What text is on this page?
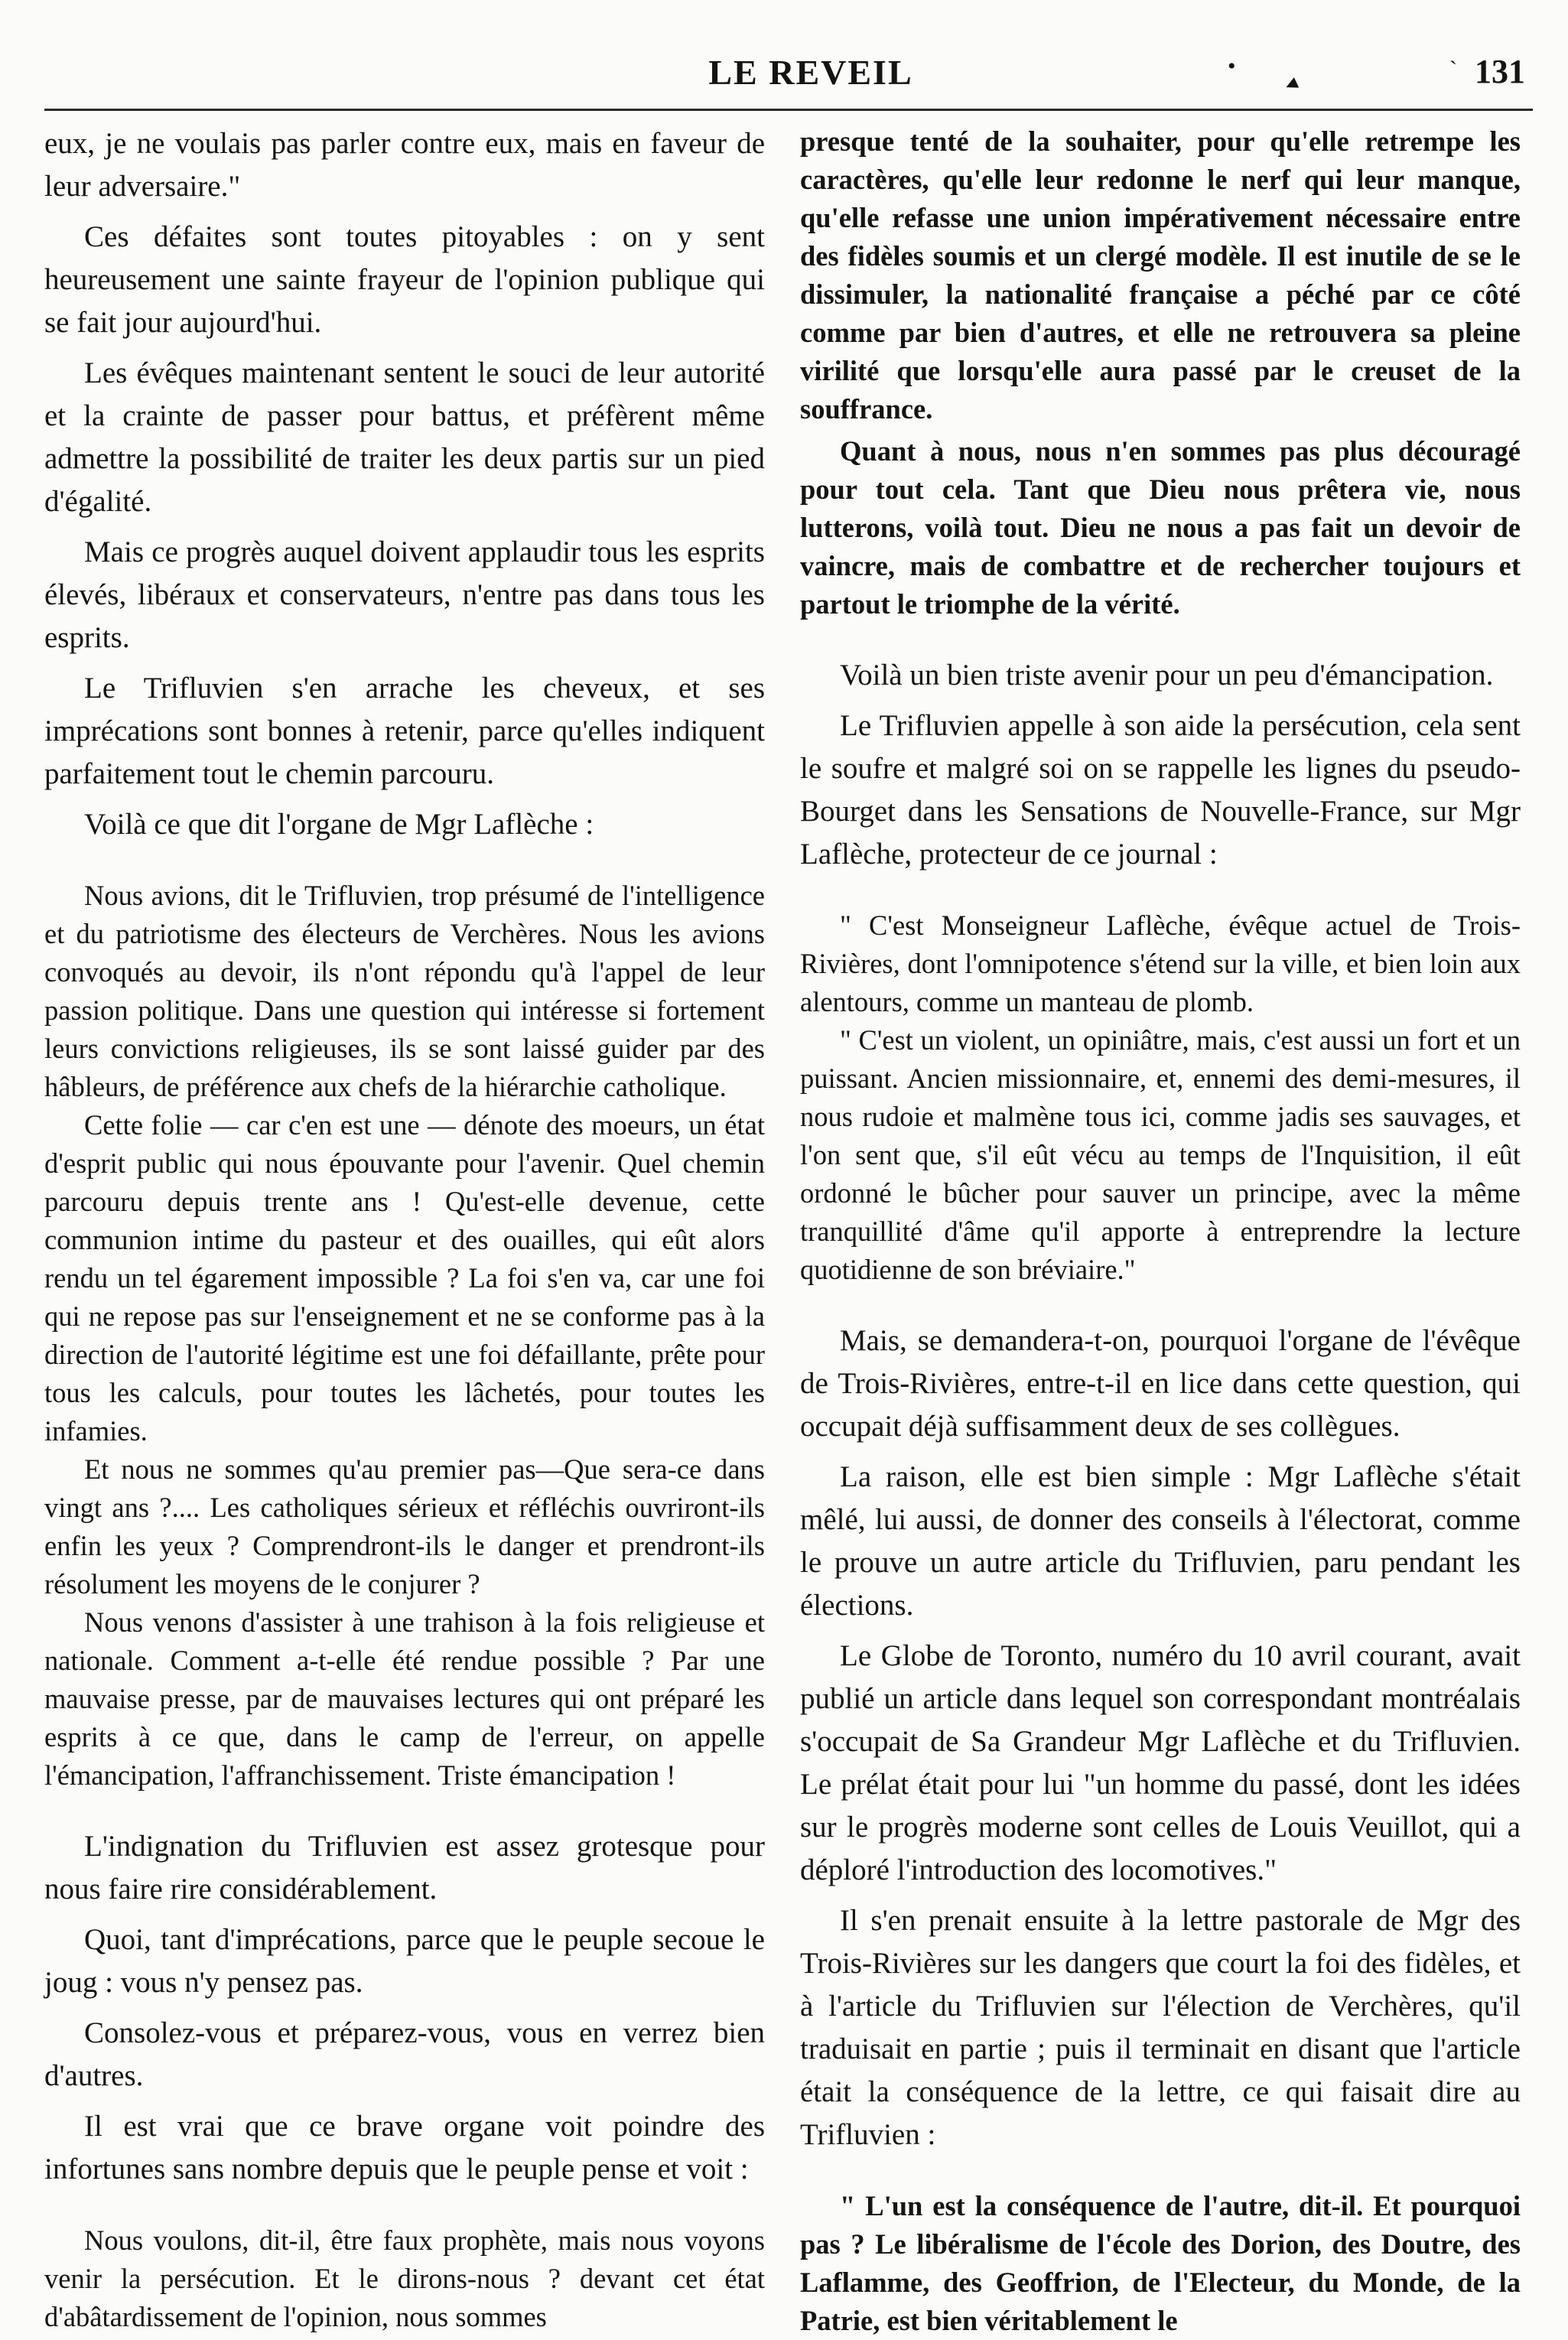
LE REVEIL	131
•
◂
`

eux, je ne voulais pas parler contre eux, mais en faveur de leur adversaire."

Ces défaites sont toutes pitoyables : on y sent heureusement une sainte frayeur de l'opinion publique qui se fait jour aujourd'hui.

Les évêques maintenant sentent le souci de leur autorité et la crainte de passer pour battus, et préfèrent même admettre la possibilité de traiter les deux partis sur un pied d'égalité.

Mais ce progrès auquel doivent applaudir tous les esprits élevés, libéraux et conservateurs, n'entre pas dans tous les esprits.

Le Trifluvien s'en arrache les cheveux, et ses imprécations sont bonnes à retenir, parce qu'elles indiquent parfaitement tout le chemin parcouru.

Voilà ce que dit l'organe de Mgr Laflèche :

Nous avions, dit le Trifluvien, trop présumé de l'intelligence et du patriotisme des électeurs de Verchères. Nous les avions convoqués au devoir, ils n'ont répondu qu'à l'appel de leur passion politique. Dans une question qui intéresse si fortement leurs convictions religieuses, ils se sont laissé guider par des hâbleurs, de préférence aux chefs de la hiérarchie catholique.

Cette folie — car c'en est une — dénote des moeurs, un état d'esprit public qui nous épouvante pour l'avenir. Quel chemin parcouru depuis trente ans ! Qu'est-elle devenue, cette communion intime du pasteur et des ouailles, qui eût alors rendu un tel égarement impossible ? La foi s'en va, car une foi qui ne repose pas sur l'enseignement et ne se conforme pas à la direction de l'autorité légitime est une foi défaillante, prête pour tous les calculs, pour toutes les lâchetés, pour toutes les infamies.

Et nous ne sommes qu'au premier pas—Que sera-ce dans vingt ans ?.... Les catholiques sérieux et réfléchis ouvriront-ils enfin les yeux ? Comprendront-ils le danger et prendront-ils résolument les moyens de le conjurer ?

Nous venons d'assister à une trahison à la fois religieuse et nationale. Comment a-t-elle été rendue possible ? Par une mauvaise presse, par de mauvaises lectures qui ont préparé les esprits à ce que, dans le camp de l'erreur, on appelle l'émancipation, l'affranchissement. Triste émancipation !

L'indignation du Trifluvien est assez grotesque pour nous faire rire considérablement.

Quoi, tant d'imprécations, parce que le peuple secoue le joug : vous n'y pensez pas.

Consolez-vous et préparez-vous, vous en verrez bien d'autres.

Il est vrai que ce brave organe voit poindre des infortunes sans nombre depuis que le peuple pense et voit :

Nous voulons, dit-il, être faux prophète, mais nous voyons venir la persécution. Et le dirons-nous ? devant cet état d'abâtardissement de l'opinion, nous sommes

presque tenté de la souhaiter, pour qu'elle retrempe les caractères, qu'elle leur redonne le nerf qui leur manque, qu'elle refasse une union impérativement nécessaire entre des fidèles soumis et un clergé modèle. Il est inutile de se le dissimuler, la nationalité française a péché par ce côté comme par bien d'autres, et elle ne retrouvera sa pleine virilité que lorsqu'elle aura passé par le creuset de la souffrance.

Quant à nous, nous n'en sommes pas plus découragé pour tout cela. Tant que Dieu nous prêtera vie, nous lutterons, voilà tout. Dieu ne nous a pas fait un devoir de vaincre, mais de combattre et de rechercher toujours et partout le triomphe de la vérité.

Voilà un bien triste avenir pour un peu d'émancipation.

Le Trifluvien appelle à son aide la persécution, cela sent le soufre et malgré soi on se rappelle les lignes du pseudo-Bourget dans les Sensations de Nouvelle-France, sur Mgr Laflèche, protecteur de ce journal :

" C'est Monseigneur Laflèche, évêque actuel de Trois-Rivières, dont l'omnipotence s'étend sur la ville, et bien loin aux alentours, comme un manteau de plomb.

" C'est un violent, un opiniâtre, mais, c'est aussi un fort et un puissant. Ancien missionnaire, et, ennemi des demi-mesures, il nous rudoie et malmène tous ici, comme jadis ses sauvages, et l'on sent que, s'il eût vécu au temps de l'Inquisition, il eût ordonné le bûcher pour sauver un principe, avec la même tranquillité d'âme qu'il apporte à entreprendre la lecture quotidienne de son bréviaire."

Mais, se demandera-t-on, pourquoi l'organe de l'évêque de Trois-Rivières, entre-t-il en lice dans cette question, qui occupait déjà suffisamment deux de ses collègues.

La raison, elle est bien simple : Mgr Laflèche s'était mêlé, lui aussi, de donner des conseils à l'électorat, comme le prouve un autre article du Trifluvien, paru pendant les élections.

Le Globe de Toronto, numéro du 10 avril courant, avait publié un article dans lequel son correspondant montréalais s'occupait de Sa Grandeur Mgr Laflèche et du Trifluvien. Le prélat était pour lui "un homme du passé, dont les idées sur le progrès moderne sont celles de Louis Veuillot, qui a déploré l'introduction des locomotives."

Il s'en prenait ensuite à la lettre pastorale de Mgr des Trois-Rivières sur les dangers que court la foi des fidèles, et à l'article du Trifluvien sur l'élection de Verchères, qu'il traduisait en partie ; puis il terminait en disant que l'article était la conséquence de la lettre, ce qui faisait dire au Trifluvien :

" L'un est la conséquence de l'autre, dit-il. Et pourquoi pas ? Le libéralisme de l'école des Dorion, des Doutre, des Laflamme, des Geoffrion, de l'Electeur, du Monde, de la Patrie, est bien véritablement le
